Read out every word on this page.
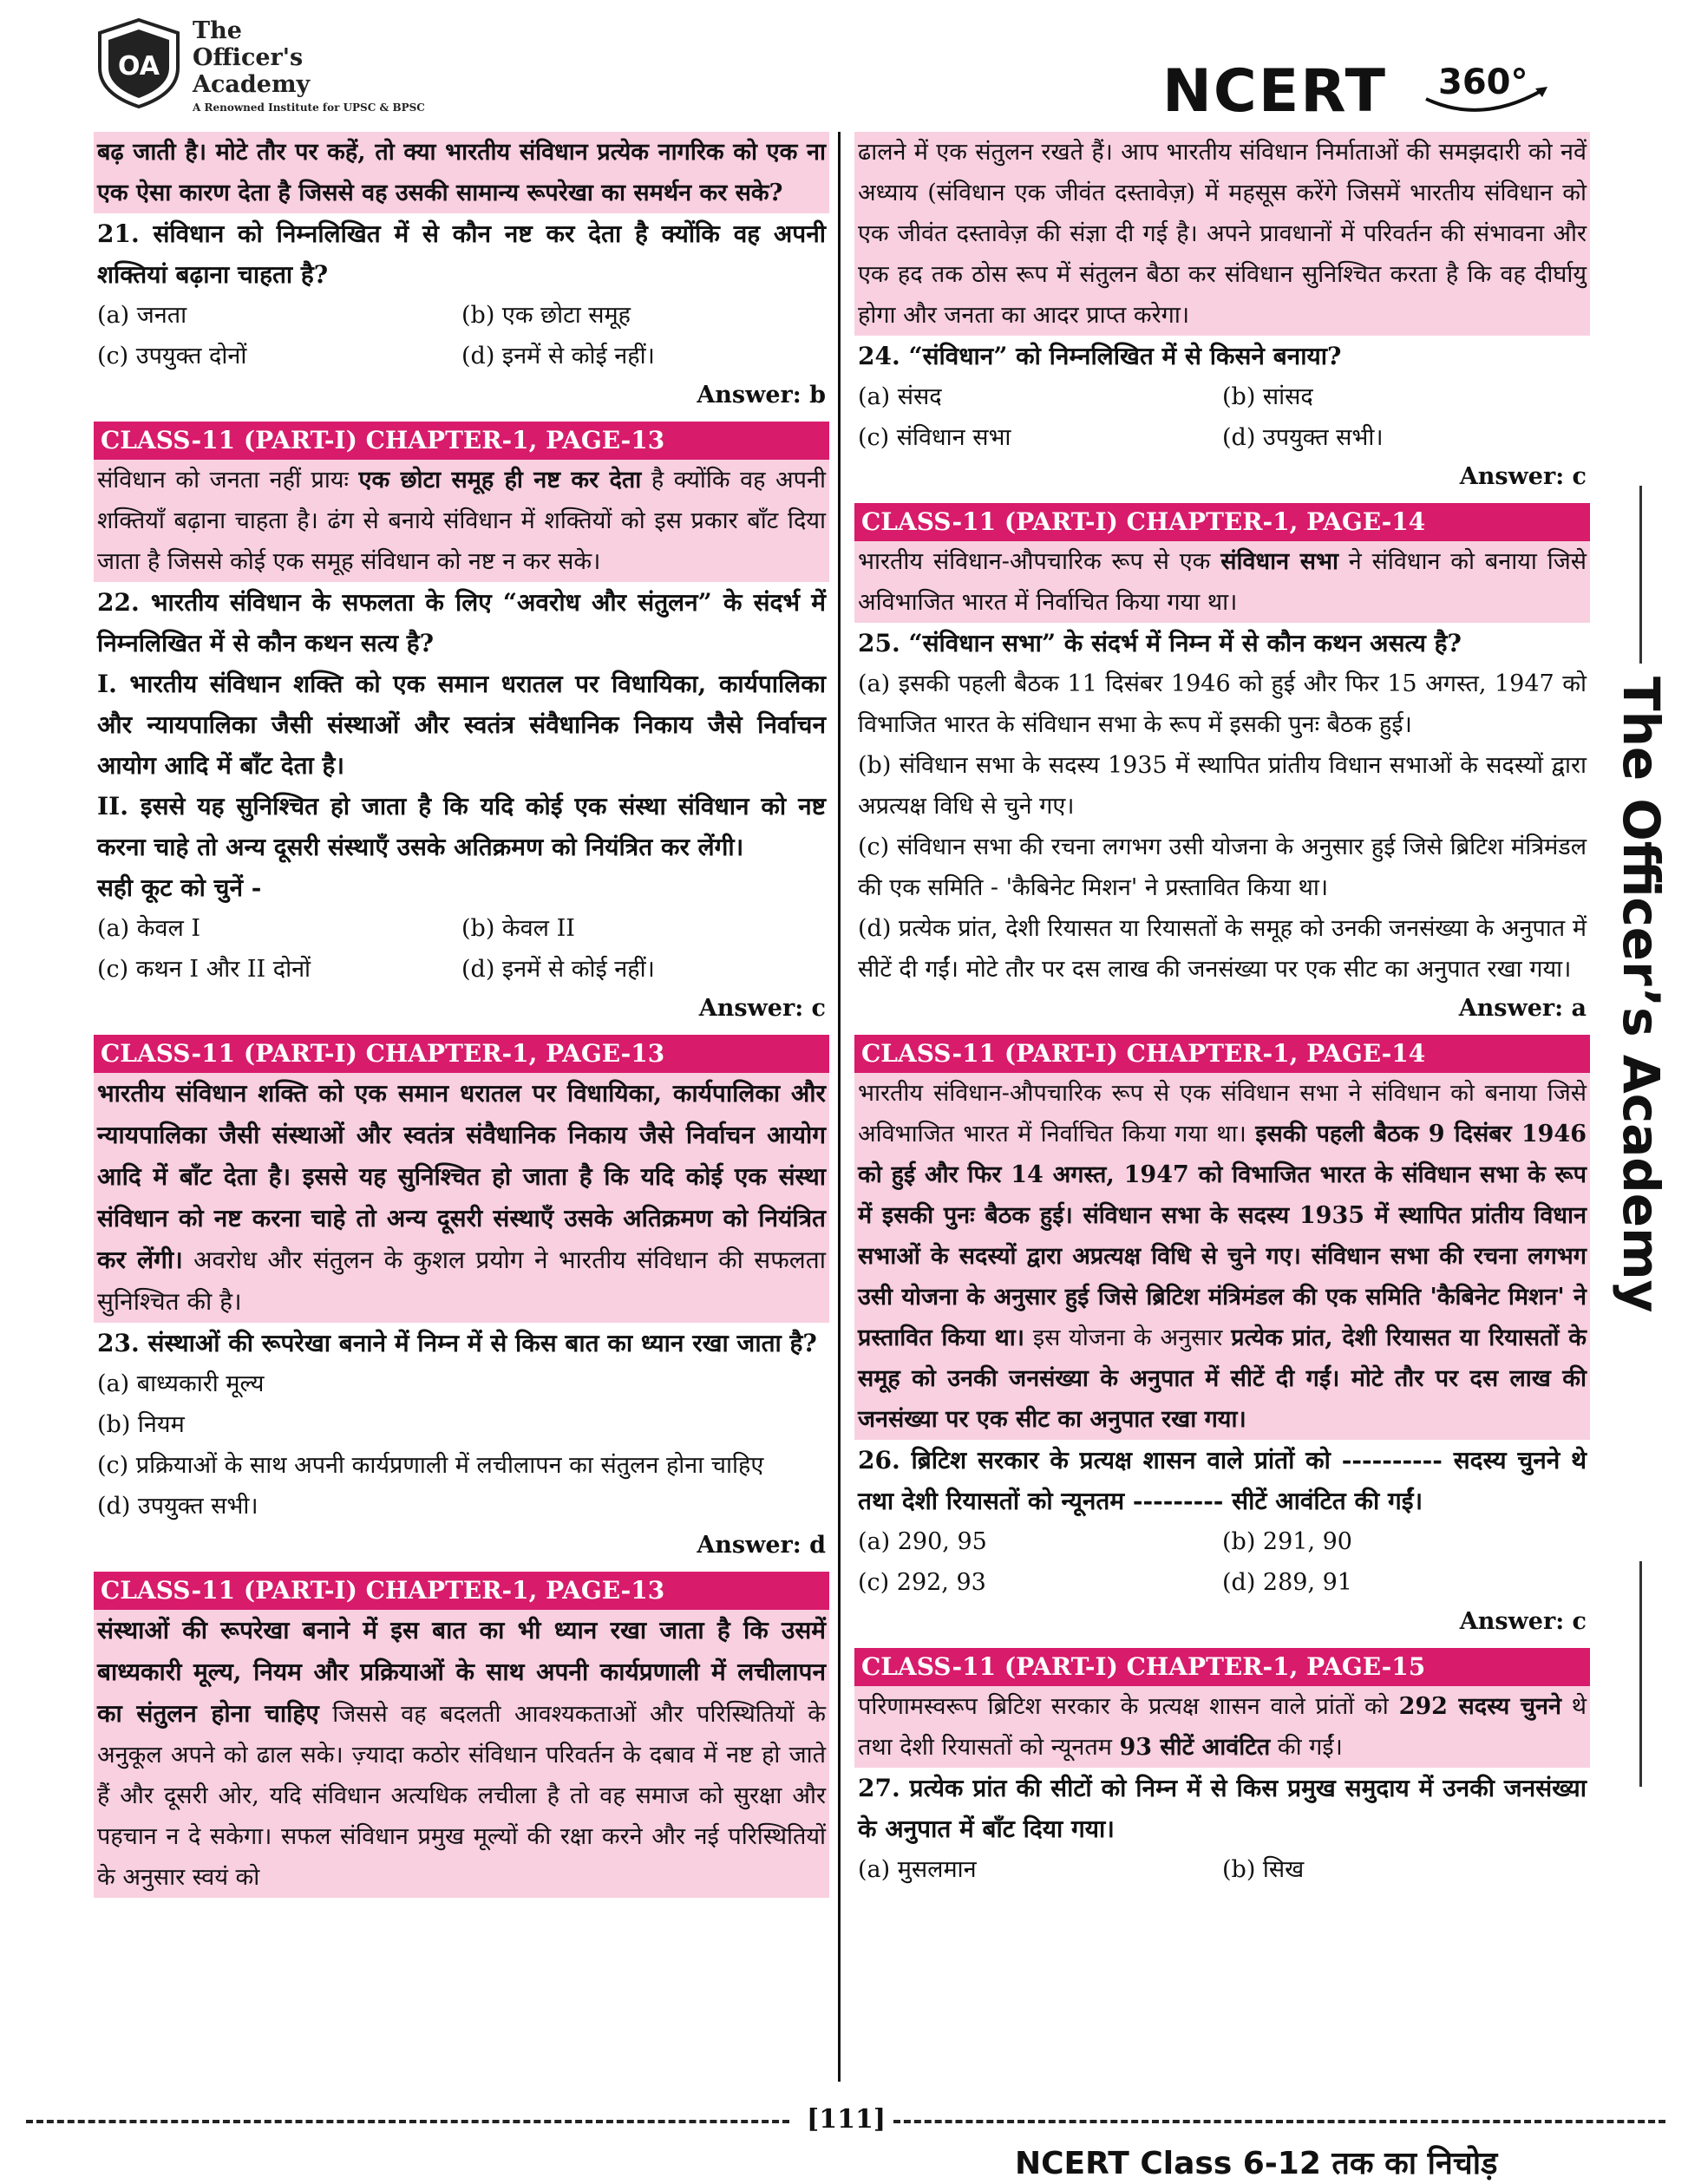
OA
The
Officer's
Academy
A Renowned Institute for UPSC & BPSC	NCERT 360°
बढ़ जाती है। मोटे तौर पर कहें, तो क्या भारतीय संविधान प्रत्येक नागरिक को एक ना एक ऐसा कारण देता है जिससे वह उसकी सामान्य रूपरेखा का समर्थन कर सके?
21. संविधान को निम्नलिखित में से कौन नष्ट कर देता है क्योंकि वह अपनी शक्तियां बढ़ाना चाहता है?
(a) जनता	(b) एक छोटा समूह
(c) उपयुक्त दोनों	(d) इनमें से कोई नहीं।
Answer: b
CLASS-11 (PART-I) CHAPTER-1, PAGE-13
संविधान को जनता नहीं प्रायः एक छोटा समूह ही नष्ट कर देता है क्योंकि वह अपनी शक्तियाँ बढ़ाना चाहता है। ढंग से बनाये संविधान में शक्तियों को इस प्रकार बाँट दिया जाता है जिससे कोई एक समूह संविधान को नष्ट न कर सके।
22. भारतीय संविधान के सफलता के लिए “अवरोध और संतुलन” के संदर्भ में निम्नलिखित में से कौन कथन सत्य है?
I. भारतीय संविधान शक्ति को एक समान धरातल पर विधायिका, कार्यपालिका और न्यायपालिका जैसी संस्थाओं और स्वतंत्र संवैधानिक निकाय जैसे निर्वाचन आयोग आदि में बाँट देता है।
II. इससे यह सुनिश्चित हो जाता है कि यदि कोई एक संस्था संविधान को नष्ट करना चाहे तो अन्य दूसरी संस्थाएँ उसके अतिक्रमण को नियंत्रित कर लेंगी।
सही कूट को चुनें -
(a) केवल I	(b) केवल II
(c) कथन I और II दोनों	(d) इनमें से कोई नहीं।
Answer: c
CLASS-11 (PART-I) CHAPTER-1, PAGE-13
भारतीय संविधान शक्ति को एक समान धरातल पर विधायिका, कार्यपालिका और न्यायपालिका जैसी संस्थाओं और स्वतंत्र संवैधानिक निकाय जैसे निर्वाचन आयोग आदि में बाँट देता है। इससे यह सुनिश्चित हो जाता है कि यदि कोई एक संस्था संविधान को नष्ट करना चाहे तो अन्य दूसरी संस्थाएँ उसके अतिक्रमण को नियंत्रित कर लेंगी। अवरोध और संतुलन के कुशल प्रयोग ने भारतीय संविधान की सफलता सुनिश्चित की है।
23. संस्थाओं की रूपरेखा बनाने में निम्न में से किस बात का ध्यान रखा जाता है?
(a) बाध्यकारी मूल्य
(b) नियम
(c) प्रक्रियाओं के साथ अपनी कार्यप्रणाली में लचीलापन का संतुलन होना चाहिए
(d) उपयुक्त सभी।
Answer: d
CLASS-11 (PART-I) CHAPTER-1, PAGE-13
संस्थाओं की रूपरेखा बनाने में इस बात का भी ध्यान रखा जाता है कि उसमें बाध्यकारी मूल्य, नियम और प्रक्रियाओं के साथ अपनी कार्यप्रणाली में लचीलापन का संतुलन होना चाहिए जिससे वह बदलती आवश्यकताओं और परिस्थितियों के अनुकूल अपने को ढाल सके। ज़्यादा कठोर संविधान परिवर्तन के दबाव में नष्ट हो जाते हैं और दूसरी ओर, यदि संविधान अत्यधिक लचीला है तो वह समाज को सुरक्षा और पहचान न दे सकेगा। सफल संविधान प्रमुख मूल्यों की रक्षा करने और नई परिस्थितियों के अनुसार स्वयं को
ढालने में एक संतुलन रखते हैं। आप भारतीय संविधान निर्माताओं की समझदारी को नवें अध्याय (संविधान एक जीवंत दस्तावेज़) में महसूस करेंगे जिसमें भारतीय संविधान को एक जीवंत दस्तावेज़ की संज्ञा दी गई है। अपने प्रावधानों में परिवर्तन की संभावना और एक हद तक ठोस रूप में संतुलन बैठा कर संविधान सुनिश्चित करता है कि वह दीर्घायु होगा और जनता का आदर प्राप्त करेगा।
24. “संविधान” को निम्नलिखित में से किसने बनाया?
(a) संसद	(b) सांसद
(c) संविधान सभा	(d) उपयुक्त सभी।
Answer: c
CLASS-11 (PART-I) CHAPTER-1, PAGE-14
भारतीय संविधान-औपचारिक रूप से एक संविधान सभा ने संविधान को बनाया जिसे अविभाजित भारत में निर्वाचित किया गया था।
25. “संविधान सभा” के संदर्भ में निम्न में से कौन कथन असत्य है?
(a) इसकी पहली बैठक 11 दिसंबर 1946 को हुई और फिर 15 अगस्त, 1947 को विभाजित भारत के संविधान सभा के रूप में इसकी पुनः बैठक हुई।
(b) संविधान सभा के सदस्य 1935 में स्थापित प्रांतीय विधान सभाओं के सदस्यों द्वारा अप्रत्यक्ष विधि से चुने गए।
(c) संविधान सभा की रचना लगभग उसी योजना के अनुसार हुई जिसे ब्रिटिश मंत्रिमंडल की एक समिति - 'कैबिनेट मिशन' ने प्रस्तावित किया था।
(d) प्रत्येक प्रांत, देशी रियासत या रियासतों के समूह को उनकी जनसंख्या के अनुपात में सीटें दी गईं। मोटे तौर पर दस लाख की जनसंख्या पर एक सीट का अनुपात रखा गया।
Answer: a
CLASS-11 (PART-I) CHAPTER-1, PAGE-14
भारतीय संविधान-औपचारिक रूप से एक संविधान सभा ने संविधान को बनाया जिसे अविभाजित भारत में निर्वाचित किया गया था। इसकी पहली बैठक 9 दिसंबर 1946 को हुई और फिर 14 अगस्त, 1947 को विभाजित भारत के संविधान सभा के रूप में इसकी पुनः बैठक हुई। संविधान सभा के सदस्य 1935 में स्थापित प्रांतीय विधान सभाओं के सदस्यों द्वारा अप्रत्यक्ष विधि से चुने गए। संविधान सभा की रचना लगभग उसी योजना के अनुसार हुई जिसे ब्रिटिश मंत्रिमंडल की एक समिति 'कैबिनेट मिशन' ने प्रस्तावित किया था। इस योजना के अनुसार प्रत्येक प्रांत, देशी रियासत या रियासतों के समूह को उनकी जनसंख्या के अनुपात में सीटें दी गईं। मोटे तौर पर दस लाख की जनसंख्या पर एक सीट का अनुपात रखा गया।
26. ब्रिटिश सरकार के प्रत्यक्ष शासन वाले प्रांतों को ---------- सदस्य चुनने थे तथा देशी रियासतों को न्यूनतम --------- सीटें आवंटित की गईं।
(a) 290, 95	(b) 291, 90
(c) 292, 93	(d) 289, 91
Answer: c
CLASS-11 (PART-I) CHAPTER-1, PAGE-15
परिणामस्वरूप ब्रिटिश सरकार के प्रत्यक्ष शासन वाले प्रांतों को 292 सदस्य चुनने थे तथा देशी रियासतों को न्यूनतम 93 सीटें आवंटित की गईं।
27. प्रत्येक प्रांत की सीटों को निम्न में से किस प्रमुख समुदाय में उनकी जनसंख्या के अनुपात में बाँट दिया गया।
(a) मुसलमान	(b) सिख
The Officer’s Academy
[111]
NCERT Class 6-12 तक का निचोड़
